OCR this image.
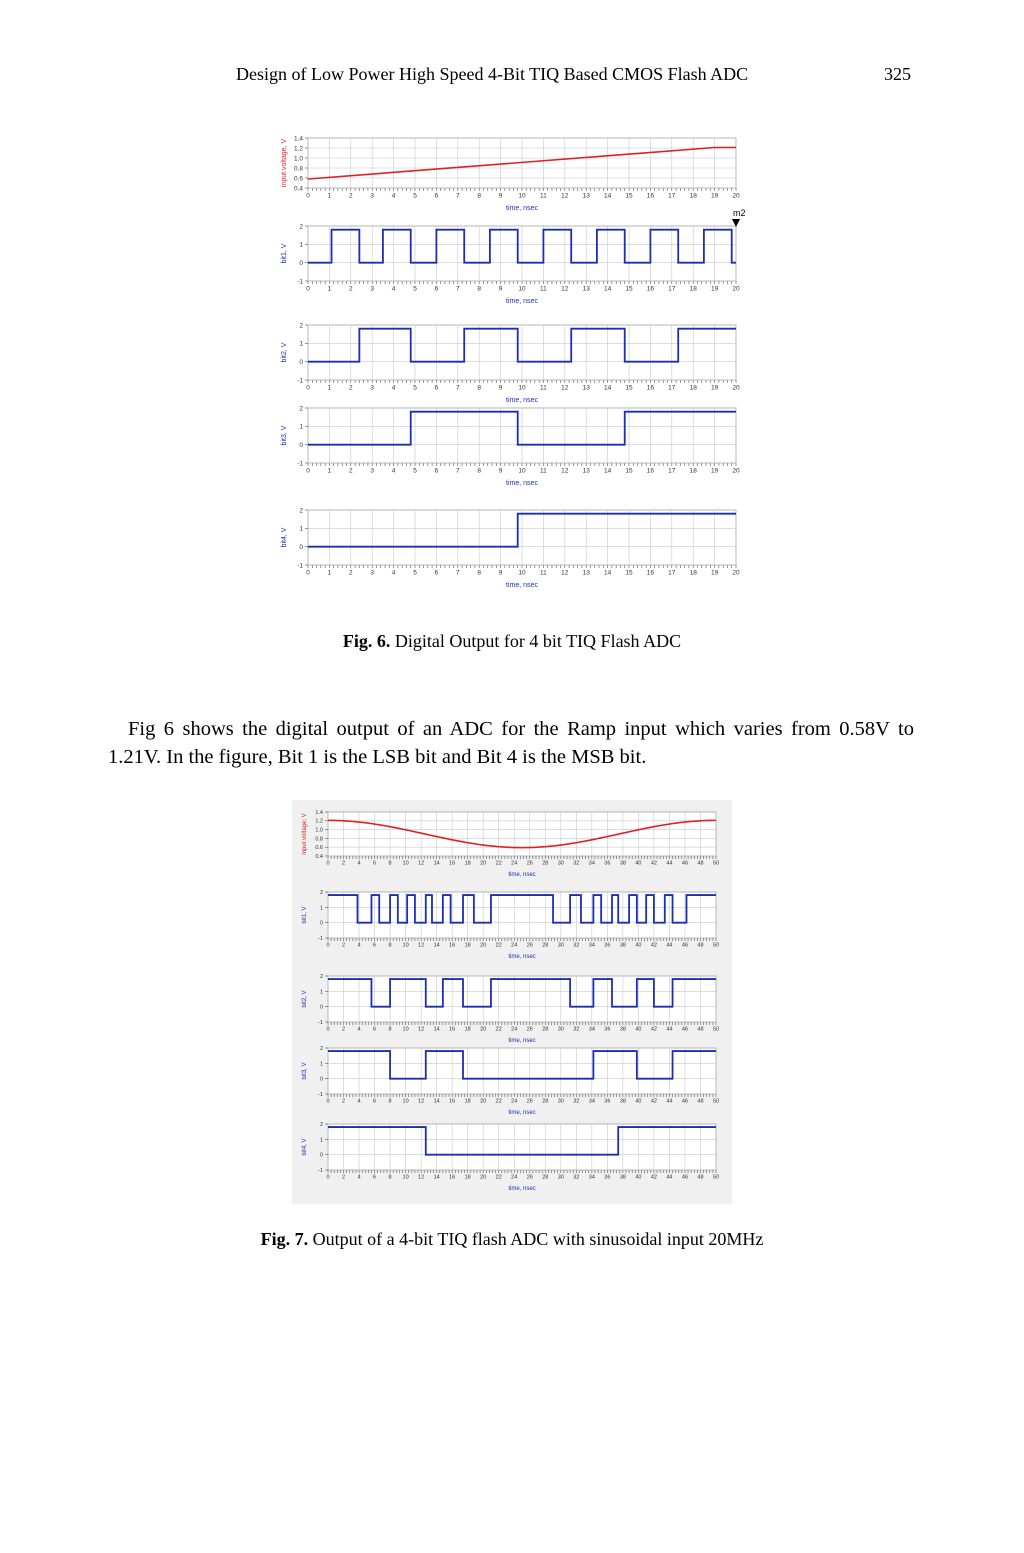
Design of Low Power High Speed 4-Bit TIQ Based CMOS Flash ADC	325
0	1	2	3	4	5	6	7	8	9 10 11 12 13 14 15 16 17 18 19 20
1.4
1.2
1.0
0.8
0.6
0.4
input voltage, V
time, nsec
0	1	2	3	4	5	6	7	8	9 10 11 12 13 14 15 16 17 18 19 20
2
1
0
-1
bit1, V
time, nsec
m2
0	1	2	3	4	5	6	7	8	9 10 11 12 13 14 15 16 17 18 19 20
2
1
0
-1
bit2, V
time, nsec
0	1	2	3	4	5	6	7	8	9 10 11 12 13 14 15 16 17 18 19 20
2
1
0
-1
bit3, V
time, nsec
0	1	2	3	4	5	6	7	8	9 10 11 12 13 14 15 16 17 18 19 20
2
1
0
-1
bit4, V
time, nsec
Fig. 6. Digital Output for 4 bit TIQ Flash ADC

Fig 6 shows the digital output of an ADC for the Ramp input which varies from 0.58V to 1.21V. In the figure, Bit 1 is the LSB bit and Bit 4 is the MSB bit.

0 2 4 6 8 10 12 14 16 18 20 22 24 26 28 30 32 34 36 38 40 42 44 46 48 50
1.4
1.2
1.0
0.8
0.6
0.4
input voltage, V
time, nsec
0 2 4 6 8 10 12 14 16 18 20 22 24 26 28 30 32 34 36 38 40 42 44 46 48 50
2
1
0
-1
bit1, V
time, nsec
0 2 4 6 8 10 12 14 16 18 20 22 24 26 28 30 32 34 36 38 40 42 44 46 48 50
2
1
0
-1
bit2, V
time, nsec
0 2 4 6 8 10 12 14 16 18 20 22 24 26 28 30 32 34 36 38 40 42 44 46 48 50
2
1
0
-1
bit3, V
time, nsec
0 2 4 6 8 10 12 14 16 18 20 22 24 26 28 30 32 34 36 38 40 42 44 46 48 50
2
1
0
-1
bit4, V
time, nsec
Fig. 7. Output of a 4-bit TIQ flash ADC with sinusoidal input 20MHz
